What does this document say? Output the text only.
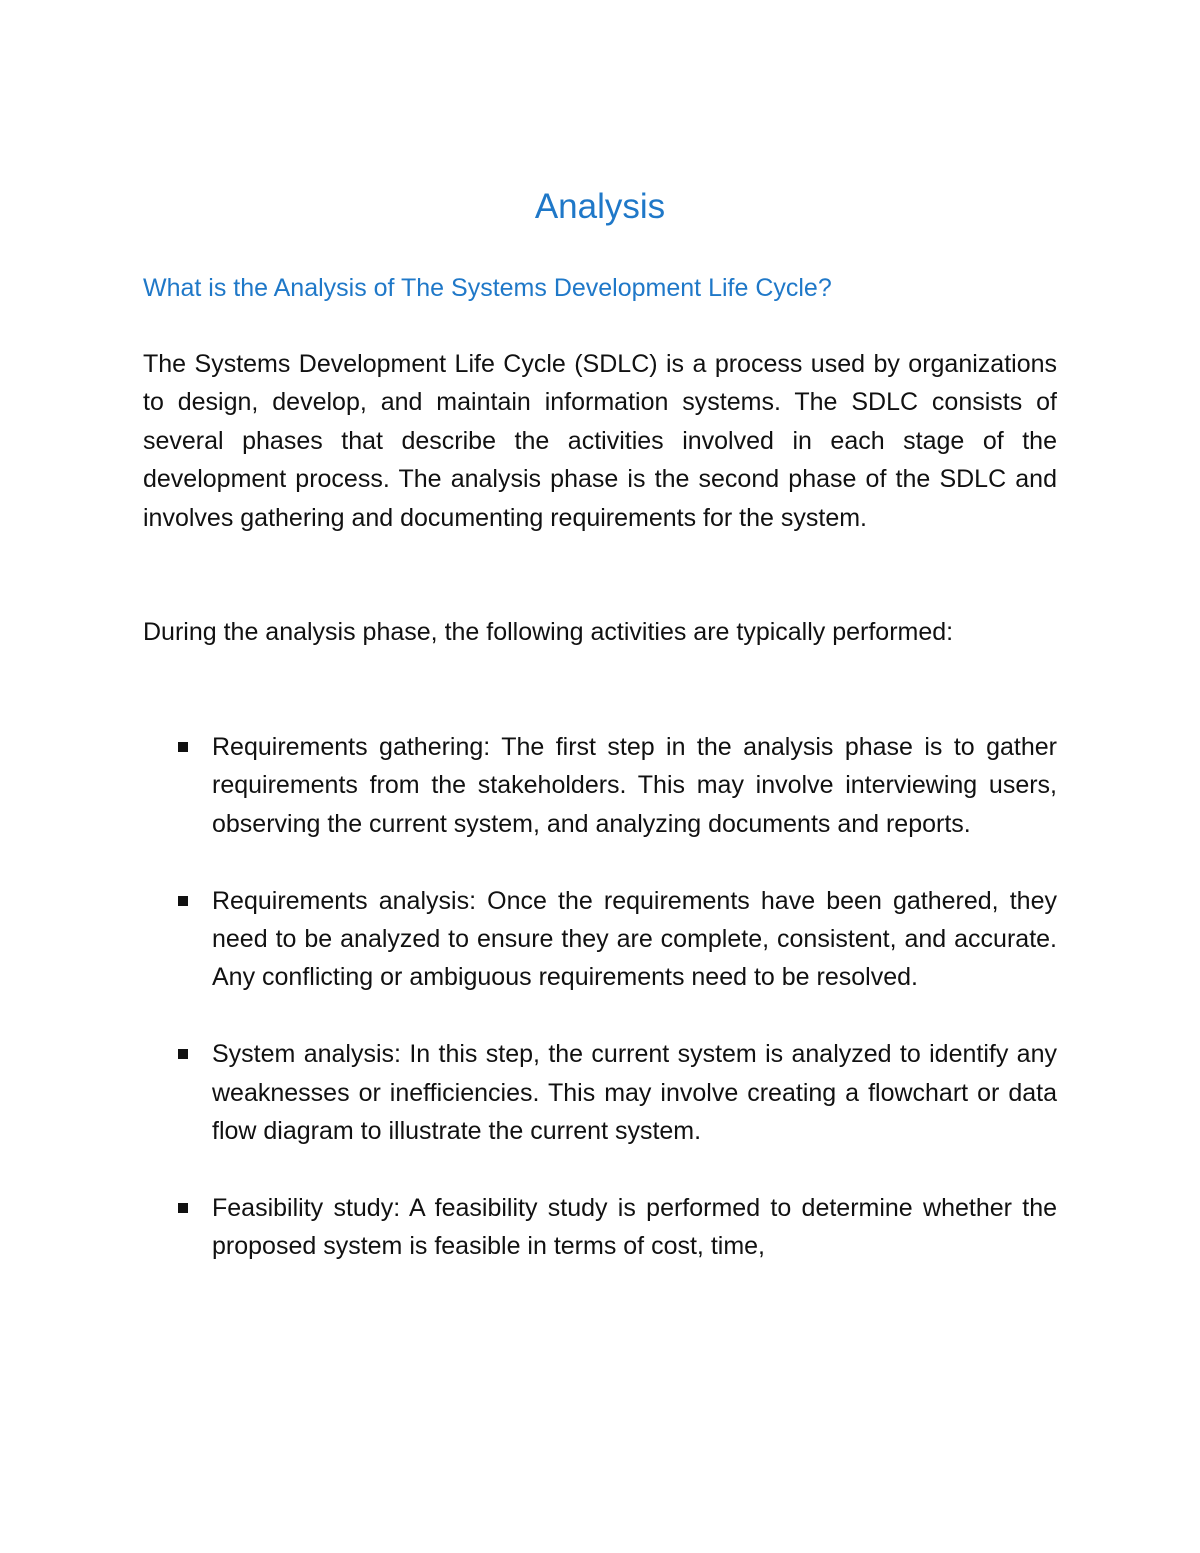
Analysis
What is the Analysis of The Systems Development Life Cycle?

The Systems Development Life Cycle (SDLC) is a process used by organizations to design, develop, and maintain information systems. The SDLC consists of several phases that describe the activities involved in each stage of the development process. The analysis phase is the second phase of the SDLC and involves gathering and documenting requirements for the system.

During the analysis phase, the following activities are typically performed:

Requirements gathering: The first step in the analysis phase is to gather requirements from the stakeholders. This may involve interviewing users, observing the current system, and analyzing documents and reports.
Requirements analysis: Once the requirements have been gathered, they need to be analyzed to ensure they are complete, consistent, and accurate. Any conflicting or ambiguous requirements need to be resolved.
System analysis: In this step, the current system is analyzed to identify any weaknesses or inefficiencies. This may involve creating a flowchart or data flow diagram to illustrate the current system.
Feasibility study: A feasibility study is performed to determine whether the proposed system is feasible in terms of cost, time,
